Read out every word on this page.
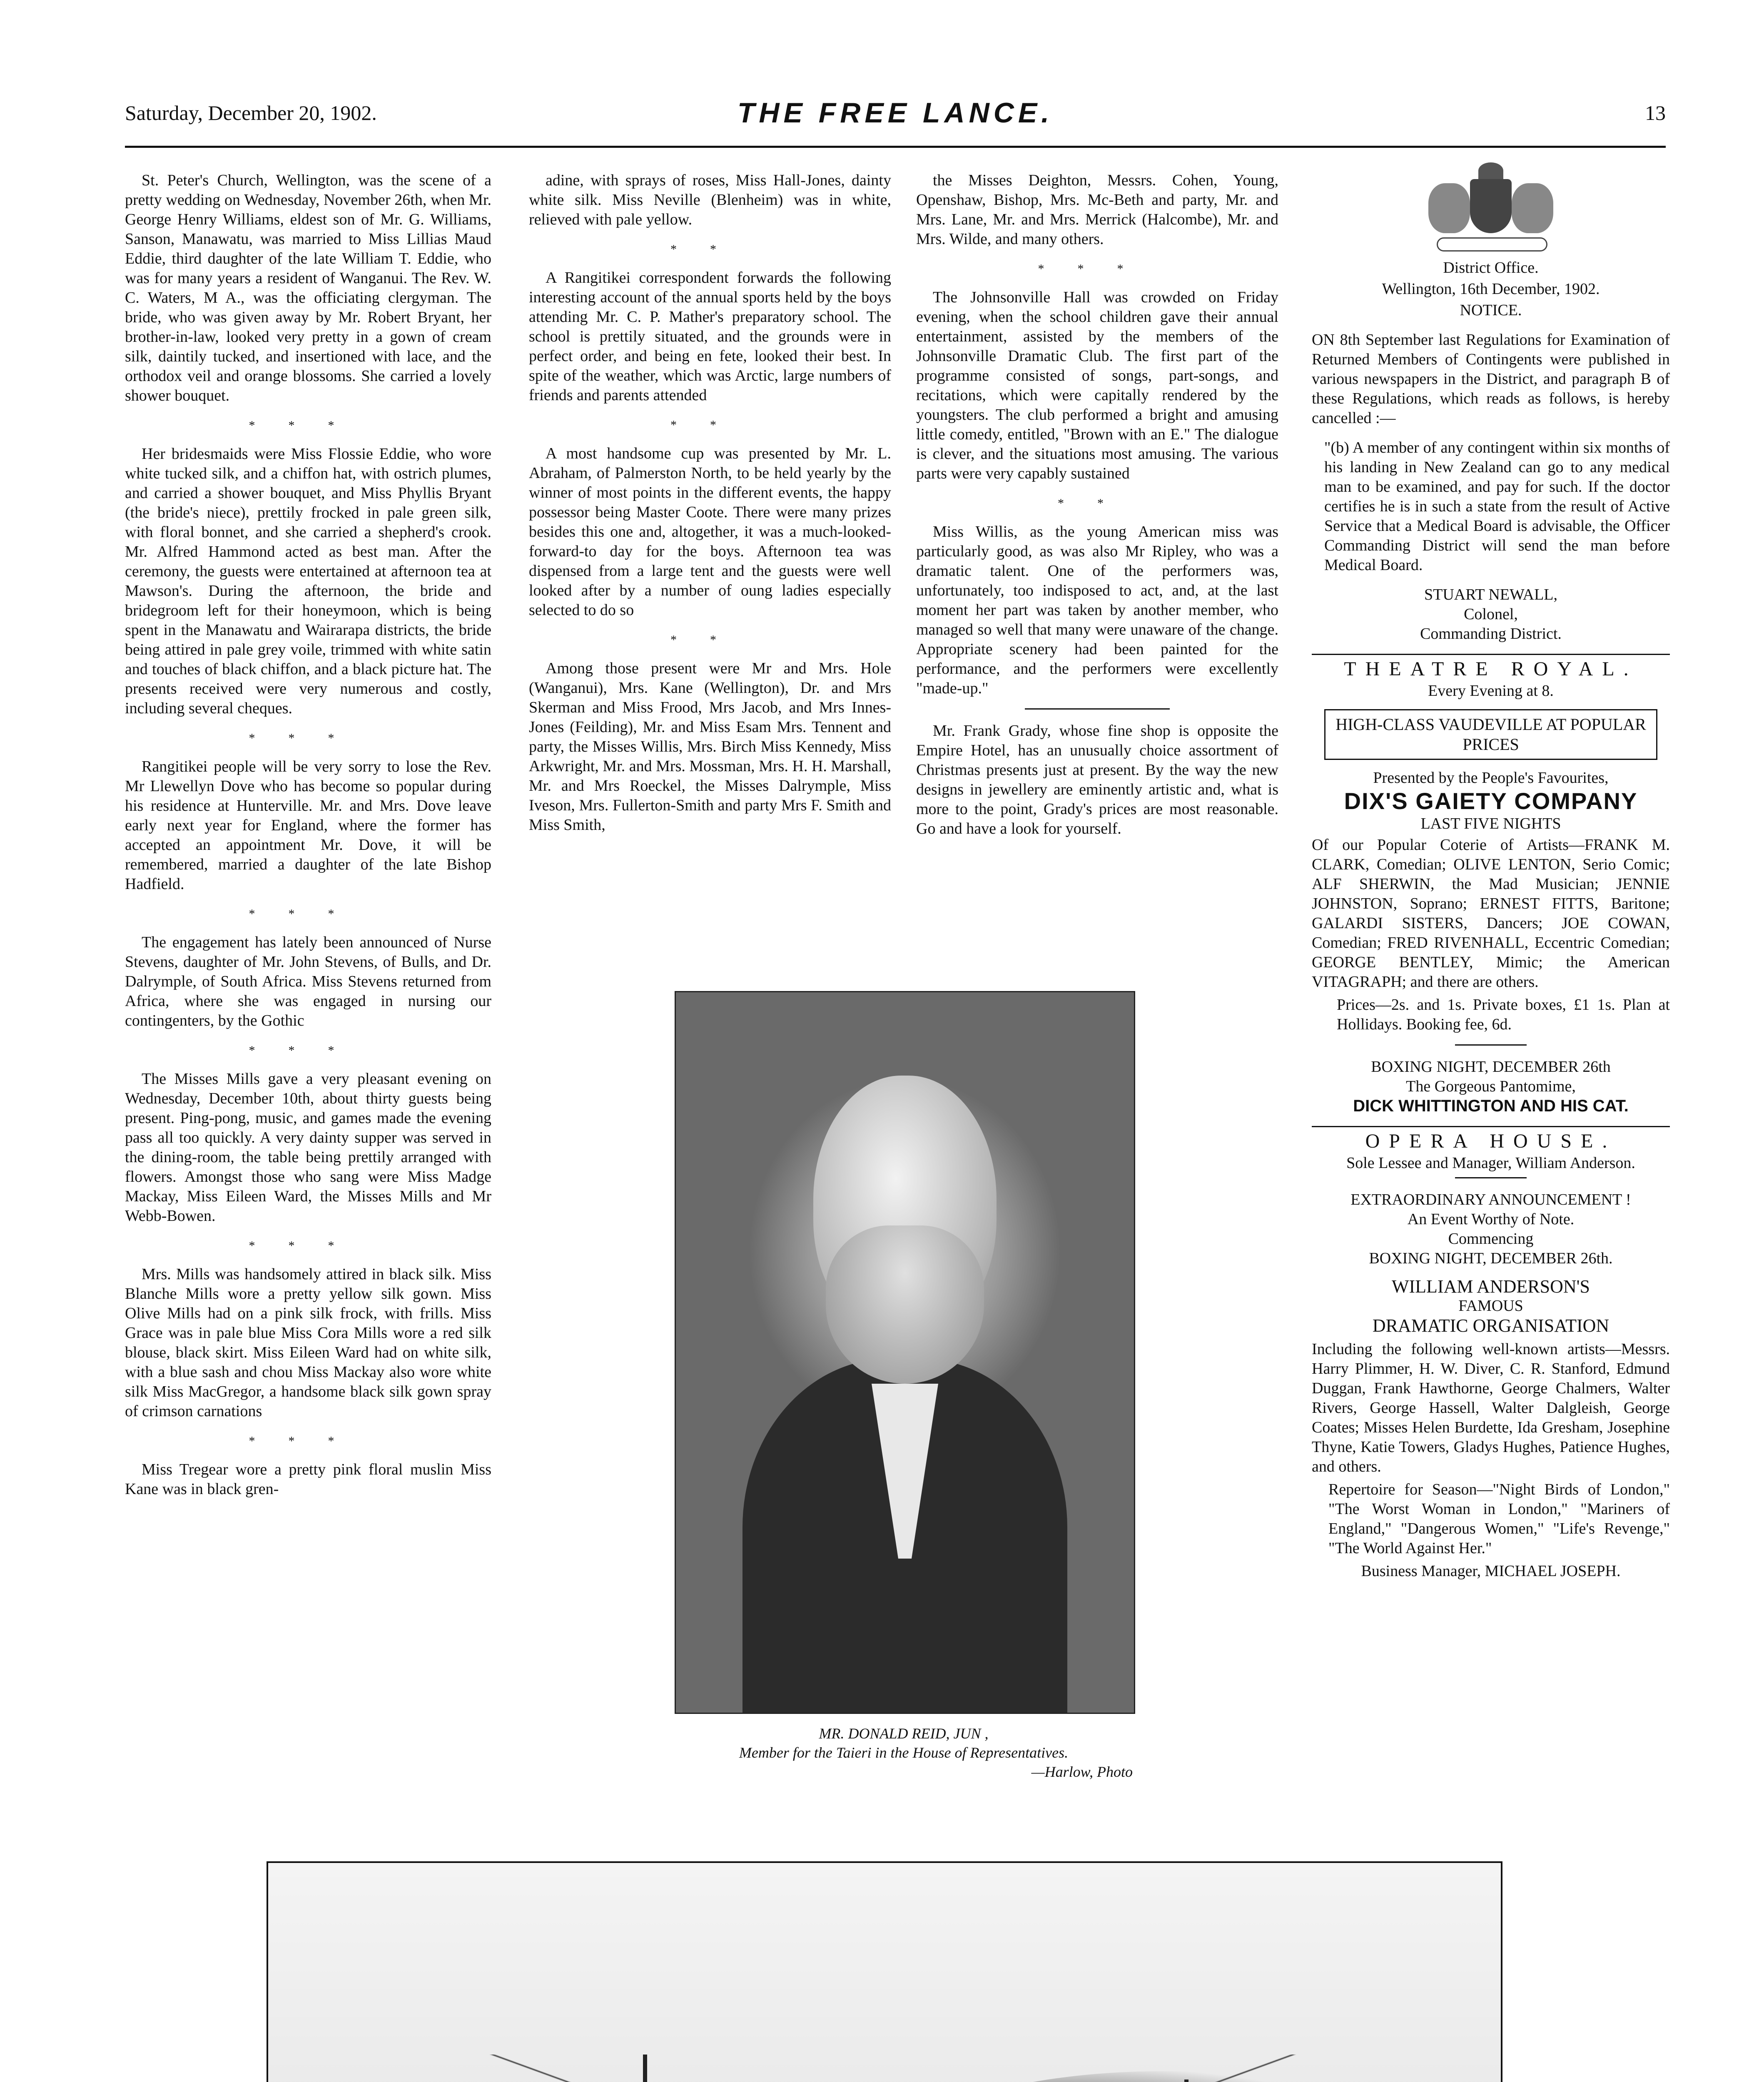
Saturday, December 20, 1902.	THE FREE LANCE.	13

St. Peter's Church, Wellington, was the scene of a pretty wedding on Wednesday, November 26th, when Mr. George Henry Williams, eldest son of Mr. G. Williams, Sanson, Manawatu, was married to Miss Lillias Maud Eddie, third daughter of the late William T. Eddie, who was for many years a resident of Wanganui. The Rev. W. C. Waters, M A., was the officiating clergyman. The bride, who was given away by Mr. Robert Bryant, her brother-in-law, looked very pretty in a gown of cream silk, daintily tucked, and insertioned with lace, and the orthodox veil and orange blossoms. She carried a lovely shower bouquet.

***

Her bridesmaids were Miss Flossie Eddie, who wore white tucked silk, and a chiffon hat, with ostrich plumes, and carried a shower bouquet, and Miss Phyllis Bryant (the bride's niece), prettily frocked in pale green silk, with floral bonnet, and she carried a shepherd's crook. Mr. Alfred Hammond acted as best man. After the ceremony, the guests were entertained at afternoon tea at Mawson's. During the afternoon, the bride and bridegroom left for their honeymoon, which is being spent in the Manawatu and Wairarapa districts, the bride being attired in pale grey voile, trimmed with white satin and touches of black chiffon, and a black picture hat. The presents received were very numerous and costly, including several cheques.

***

Rangitikei people will be very sorry to lose the Rev. Mr Llewellyn Dove who has become so popular during his residence at Hunterville. Mr. and Mrs. Dove leave early next year for England, where the former has accepted an appointment Mr. Dove, it will be remembered, married a daughter of the late Bishop Hadfield.

***

The engagement has lately been announced of Nurse Stevens, daughter of Mr. John Stevens, of Bulls, and Dr. Dalrymple, of South Africa. Miss Stevens returned from Africa, where she was engaged in nursing our contingenters, by the Gothic

***

The Misses Mills gave a very pleasant evening on Wednesday, December 10th, about thirty guests being present. Ping-pong, music, and games made the evening pass all too quickly. A very dainty supper was served in the dining-room, the table being prettily arranged with flowers. Amongst those who sang were Miss Madge Mackay, Miss Eileen Ward, the Misses Mills and Mr Webb-Bowen.

***

Mrs. Mills was handsomely attired in black silk. Miss Blanche Mills wore a pretty yellow silk gown. Miss Olive Mills had on a pink silk frock, with frills. Miss Grace was in pale blue Miss Cora Mills wore a red silk blouse, black skirt. Miss Eileen Ward had on white silk, with a blue sash and chou Miss Mackay also wore white silk Miss MacGregor, a handsome black silk gown spray of crimson carnations

***

Miss Tregear wore a pretty pink floral muslin Miss Kane was in black gren-

adine, with sprays of roses, Miss Hall-Jones, dainty white silk. Miss Neville (Blenheim) was in white, relieved with pale yellow.

**

A Rangitikei correspondent forwards the following interesting account of the annual sports held by the boys attending Mr. C. P. Mather's preparatory school. The school is prettily situated, and the grounds were in perfect order, and being en fete, looked their best. In spite of the weather, which was Arctic, large numbers of friends and parents attended

**

A most handsome cup was presented by Mr. L. Abraham, of Palmerston North, to be held yearly by the winner of most points in the different events, the happy possessor being Master Coote. There were many prizes besides this one and, altogether, it was a much-looked-forward-to day for the boys. Afternoon tea was dispensed from a large tent and the guests were well looked after by a number of oung ladies especially selected to do so

**

Among those present were Mr and Mrs. Hole (Wanganui), Mrs. Kane (Wellington), Dr. and Mrs Skerman and Miss Frood, Mrs Jacob, and Mrs Innes-Jones (Feilding), Mr. and Miss Esam Mrs. Tennent and party, the Misses Willis, Mrs. Birch Miss Kennedy, Miss Arkwright, Mr. and Mrs. Mossman, Mrs. H. H. Marshall, Mr. and Mrs Roeckel, the Misses Dalrymple, Miss Iveson, Mrs. Fullerton-Smith and party Mrs F. Smith and Miss Smith,

the Misses Deighton, Messrs. Cohen, Young, Openshaw, Bishop, Mrs. Mc-Beth and party, Mr. and Mrs. Lane, Mr. and Mrs. Merrick (Halcombe), Mr. and Mrs. Wilde, and many others.

***

The Johnsonville Hall was crowded on Friday evening, when the school children gave their annual entertainment, assisted by the members of the Johnsonville Dramatic Club. The first part of the programme consisted of songs, part-songs, and recitations, which were capitally rendered by the youngsters. The club performed a bright and amusing little comedy, entitled, "Brown with an E." The dialogue is clever, and the situations most amusing. The various parts were very capably sustained

**

Miss Willis, as the young American miss was particularly good, as was also Mr Ripley, who was a dramatic talent. One of the performers was, unfortunately, too indisposed to act, and, at the last moment her part was taken by another member, who managed so well that many were unaware of the change. Appropriate scenery had been painted for the performance, and the performers were excellently "made-up."

Mr. Frank Grady, whose fine shop is opposite the Empire Hotel, has an unusually choice assortment of Christmas presents just at present. By the way the new designs in jewellery are eminently artistic and, what is more to the point, Grady's prices are most reasonable. Go and have a look for yourself.

MR. DONALD REID, JUN ,
Member for the Taieri in the House of Representatives.
—Harlow, Photo

District Office.

Wellington, 16th December, 1902.

NOTICE.

ON 8th September last Regulations for Examination of Returned Members of Contingents were published in various newspapers in the District, and paragraph B of these Regulations, which reads as follows, is hereby cancelled :—

"(b) A member of any contingent within six months of his landing in New Zealand can go to any medical man to be examined, and pay for such. If the doctor certifies he is in such a state from the result of Active Service that a Medical Board is advisable, the Officer Commanding District will send the man before Medical Board.

STUART NEWALL,

Colonel,

Commanding District.

THEATRE ROYAL.

Every Evening at 8.

HIGH-CLASS VAUDEVILLE AT POPULAR PRICES

Presented by the People's Favourites,

DIX'S GAIETY COMPANY

LAST FIVE NIGHTS

Of our Popular Coterie of Artists—FRANK M. CLARK, Comedian; OLIVE LENTON, Serio Comic; ALF SHERWIN, the Mad Musician; JENNIE JOHNSTON, Soprano; ERNEST FITTS, Baritone; GALARDI SISTERS, Dancers; JOE COWAN, Comedian; FRED RIVENHALL, Eccentric Comedian; GEORGE BENTLEY, Mimic; the American VITAGRAPH; and there are others.

Prices—2s. and 1s. Private boxes, £1 1s. Plan at Hollidays. Booking fee, 6d.

BOXING NIGHT, DECEMBER 26th

The Gorgeous Pantomime,

DICK WHITTINGTON AND HIS CAT.

OPERA HOUSE.

Sole Lessee and Manager, William Anderson.

EXTRAORDINARY ANNOUNCEMENT !

An Event Worthy of Note.

Commencing

BOXING NIGHT, DECEMBER 26th.

WILLIAM ANDERSON'S

FAMOUS

DRAMATIC ORGANISATION

Including the following well-known artists—Messrs. Harry Plimmer, H. W. Diver, C. R. Stanford, Edmund Duggan, Frank Hawthorne, George Chalmers, Walter Rivers, George Hassell, Walter Dalgleish, George Coates; Misses Helen Burdette, Ida Gresham, Josephine Thyne, Katie Towers, Gladys Hughes, Patience Hughes, and others.

Repertoire for Season—"Night Birds of London," "The Worst Woman in London," "Mariners of England," "Dangerous Women," "Life's Revenge," "The World Against Her."

Business Manager, MICHAEL JOSEPH.
